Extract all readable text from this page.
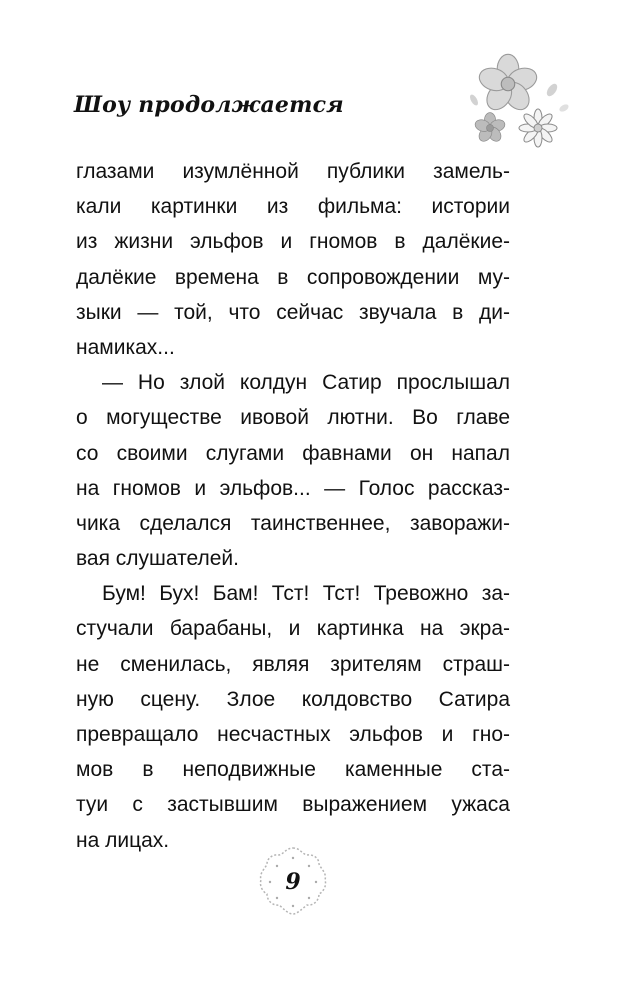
Шоу продолжается
глазами изумлённой публики замель-
кали картинки из фильма: истории
из жизни эльфов и гномов в далёкие-
далёкие времена в сопровождении му-
зыки — той, что сейчас звучала в ди-
намиках...
— Но злой колдун Сатир прослышал
о могуществе ивовой лютни. Во главе
со своими слугами фавнами он напал
на гномов и эльфов... — Голос рассказ-
чика сделался таинственнее, заворажи-
вая слушателей.
Бум! Бух! Бам! Тст! Тст! Тревожно за-
стучали барабаны, и картинка на экра-
не сменилась, являя зрителям страш-
ную сцену. Злое колдовство Сатира
превращало несчастных эльфов и гно-
мов в неподвижные каменные ста-
туи с застывшим выражением ужаса
на лицах.
9
